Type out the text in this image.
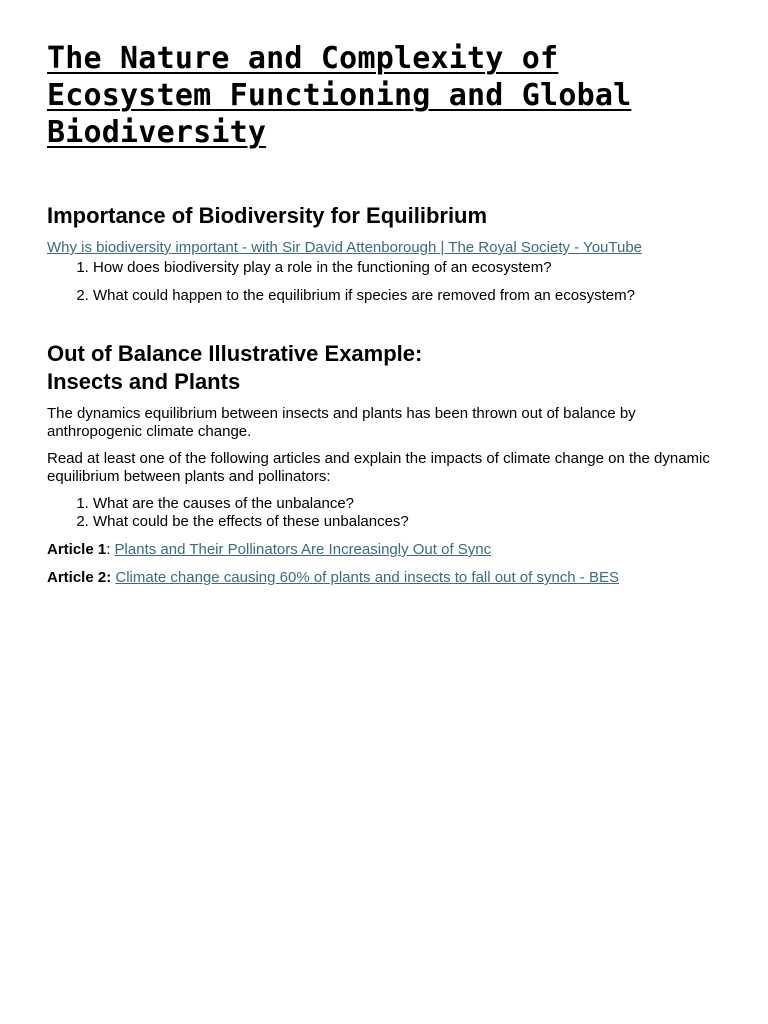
The Nature and Complexity of
Ecosystem Functioning and Global
Biodiversity
Importance of Biodiversity for Equilibrium
Why is biodiversity important - with Sir David Attenborough | The Royal Society - YouTube
1. How does biodiversity play a role in the functioning of an ecosystem?
2. What could happen to the equilibrium if species are removed from an ecosystem?
Out of Balance Illustrative Example:
Insects and Plants

The dynamics equilibrium between insects and plants has been thrown out of balance by anthropogenic climate change.

Read at least one of the following articles and explain the impacts of climate change on the dynamic equilibrium between plants and pollinators:

1. What are the causes of the unbalance?
2. What could be the effects of these unbalances?
Article 1: Plants and Their Pollinators Are Increasingly Out of Sync
Article 2: Climate change causing 60% of plants and insects to fall out of synch - BES
